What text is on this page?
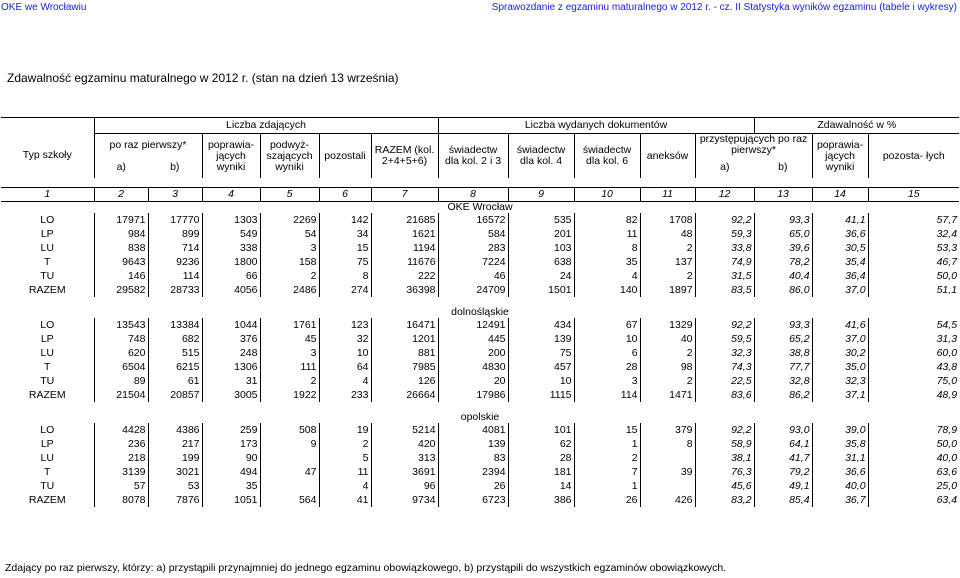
OKE we Wrocławiu	Sprawozdanie z egzaminu maturalnego w 2012 r. - cz. II Statystyka wyników egzaminu (tabele i wykresy)
Zdawalność egzaminu maturalnego w 2012 r. (stan na dzień 13 września)
	Liczba zdających						Liczba wydanych dokumentów					Zdawalność w %		
Typ szkoły	po raz pierwszy*		poprawia- jących wyniki	podwyż- szających wyniki	pozostali	RAZEM (kol. 2+4+5+6)	świadectw dla kol. 2 i 3	świadectw dla kol. 4	świadectw dla kol. 6	aneksów	przystępujących po raz pierwszy*		poprawia- jących wyniki	pozosta- łych
	a)	b)									a)	b)		

1	2	3	4	5	6	7	8	9	10	11	12	13	14	15
OKE Wrocław														
LO	17971	17770	1303	2269	142	21685	16572	535	82	1708	92,2	93,3	41,1	57,7
LP	984	899	549	54	34	1621	584	201	11	48	59,3	65,0	36,6	32,4
LU	838	714	338	3	15	1194	283	103	8	2	33,8	39,6	30,5	53,3
T	9643	9236	1800	158	75	11676	7224	638	35	137	74,9	78,2	35,4	46,7
TU	146	114	66	2	8	222	46	24	4	2	31,5	40,4	36,4	50,0
RAZEM	29582	28733	4056	2486	274	36398	24709	1501	140	1897	83,5	86,0	37,0	51,1

dolnośląskie														
LO	13543	13384	1044	1761	123	16471	12491	434	67	1329	92,2	93,3	41,6	54,5
LP	748	682	376	45	32	1201	445	139	10	40	59,5	65,2	37,0	31,3
LU	620	515	248	3	10	881	200	75	6	2	32,3	38,8	30,2	60,0
T	6504	6215	1306	111	64	7985	4830	457	28	98	74,3	77,7	35,0	43,8
TU	89	61	31	2	4	126	20	10	3	2	22,5	32,8	32,3	75,0
RAZEM	21504	20857	3005	1922	233	26664	17986	1115	114	1471	83,6	86,2	37,1	48,9

opolskie														
LO	4428	4386	259	508	19	5214	4081	101	15	379	92,2	93,0	39,0	78,9
LP	236	217	173	9	2	420	139	62	1	8	58,9	64,1	35,8	50,0
LU	218	199	90		5	313	83	28	2		38,1	41,7	31,1	40,0
T	3139	3021	494	47	11	3691	2394	181	7	39	76,3	79,2	36,6	63,6
TU	57	53	35		4	96	26	14	1		45,6	49,1	40,0	25,0
RAZEM	8078	7876	1051	564	41	9734	6723	386	26	426	83,2	85,4	36,7	63,4
Zdający po raz pierwszy, którzy: a) przystąpili przynajmniej do jednego egzaminu obowiązkowego, b) przystąpili do wszystkich egzaminów obowiązkowych.
